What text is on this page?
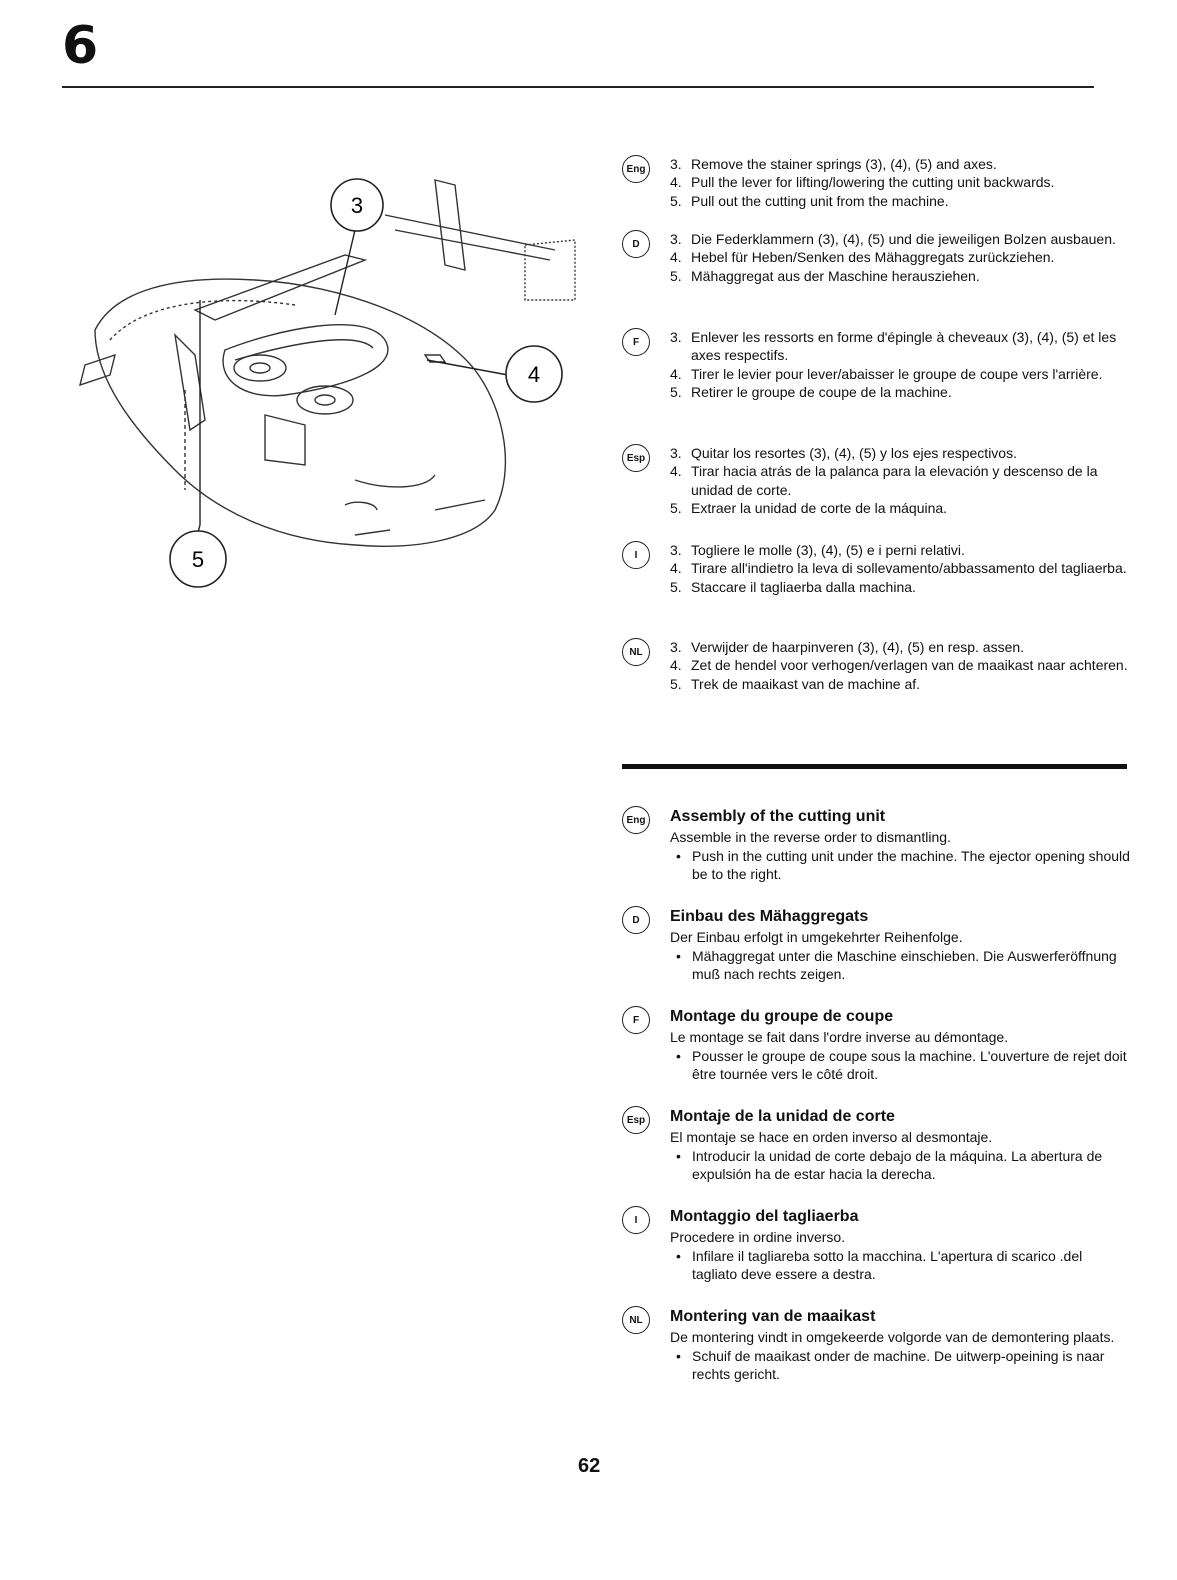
6
3
4
5
Eng	3. Remove the stainer springs (3), (4), (5) and axes.
4. Pull the lever for lifting/lowering the cutting unit backwards.
5. Pull out the cutting unit from the machine.
D	3. Die Federklammern (3), (4), (5) und die jeweiligen Bolzen ausbauen.
4. Hebel für Heben/Senken des Mähaggregats zurückziehen.
5. Mähaggregat aus der Maschine herausziehen.
F	3. Enlever les ressorts en forme d'épingle à cheveaux (3), (4), (5) et les axes respectifs.
4. Tirer le levier pour lever/abaisser le groupe de coupe vers l'arrière.
5. Retirer le groupe de coupe de la machine.
Esp	3. Quitar los resortes (3), (4), (5) y los ejes respectivos.
4. Tirar hacia atrás de la palanca para la elevación y descenso de la unidad de corte.
5. Extraer la unidad de corte de la máquina.
I	3. Togliere le molle (3), (4), (5) e i perni relativi.
4. Tirare all'indietro la leva di sollevamento/abbassamento del tagliaerba.
5. Staccare il tagliaerba dalla machina.
NL	3. Verwijder de haarpinveren (3), (4), (5) en resp. assen.
4. Zet de hendel voor verhogen/verlagen van de maaikast naar achteren.
5. Trek de maaikast van de machine af.
Eng Assembly of the cutting unit
Assemble in the reverse order to dismantling.
• Push in the cutting unit under the machine. The ejector opening should be to the right.
D	Einbau des Mähaggregats
Der Einbau erfolgt in umgekehrter Reihenfolge.
• Mähaggregat unter die Maschine einschieben. Die Auswerferöffnung muß nach rechts zeigen.
F	Montage du groupe de coupe
Le montage se fait dans l'ordre inverse au démontage.
• Pousser le groupe de coupe sous la machine. L'ouverture de rejet doit être tournée vers le côté droit.
Esp	Montaje de la unidad de corte
El montaje se hace en orden inverso al desmontaje.
• Introducir la unidad de corte debajo de la máquina. La abertura de expulsión ha de estar hacia la derecha.
I	Montaggio del tagliaerba
Procedere in ordine inverso.
• Infilare il tagliareba sotto la macchina. L'apertura di scarico .del tagliato deve essere a destra.
NL	Montering van de maaikast
De montering vindt in omgekeerde volgorde van de demontering plaats.
• Schuif de maaikast onder de machine. De uitwerp-opeining is naar rechts gericht.
62
